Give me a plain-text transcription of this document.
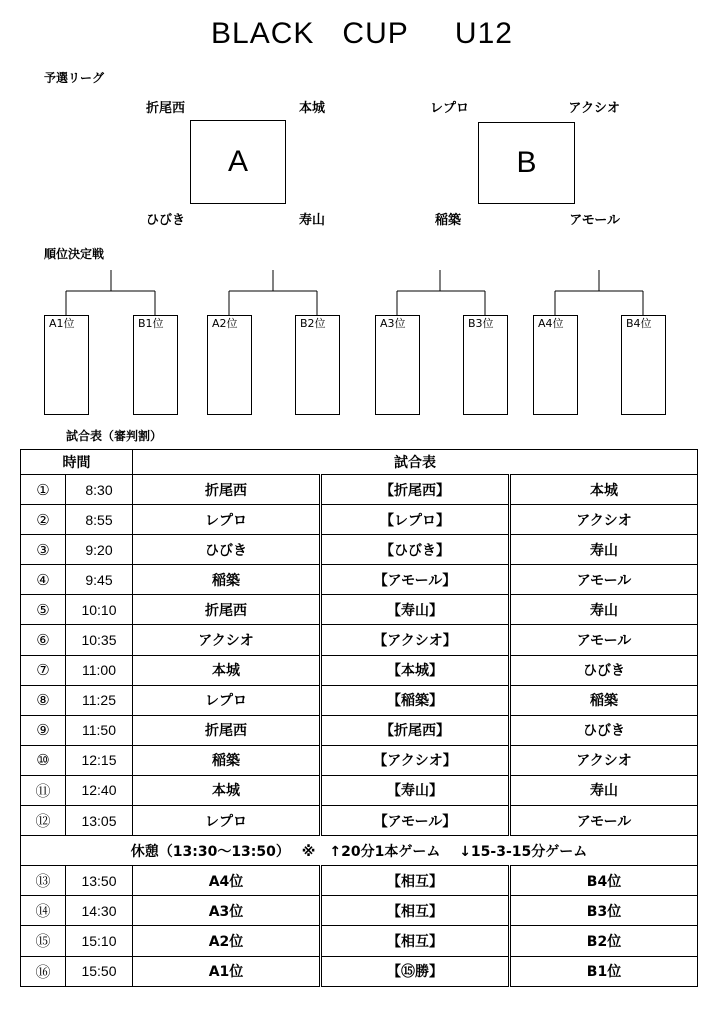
BLACK   CUP     U12
予選リーグ
折尾西	本城
A
ひびき	寿山
レプロ	アクシオ
B
稲築	アモール
順位決定戦
A1位	B1位	A2位	B2位	A3位	B3位	A4位	B4位
試合表（審判割）
時間		試合表		
①	8:30	折尾西	【折尾西】	本城
②	8:55	レプロ	【レプロ】	アクシオ
③	9:20	ひびき	【ひびき】	寿山
④	9:45	稲築	【アモール】	アモール
⑤	10:10	折尾西	【寿山】	寿山
⑥	10:35	アクシオ	【アクシオ】	アモール
⑦	11:00	本城	【本城】	ひびき
⑧	11:25	レプロ	【稲築】	稲築
⑨	11:50	折尾西	【折尾西】	ひびき
⑩	12:15	稲築	【アクシオ】	アクシオ
⑪	12:40	本城	【寿山】	寿山
⑫	13:05	レプロ	【アモール】	アモール
休憩（13:30～13:50）　 ※　↑20分1本ゲーム　 ↓15-3-15分ゲーム				
⑬	13:50	A4位	【相互】	B4位
⑭	14:30	A3位	【相互】	B3位
⑮	15:10	A2位	【相互】	B2位
⑯	15:50	A1位	【⑮勝】	B1位
